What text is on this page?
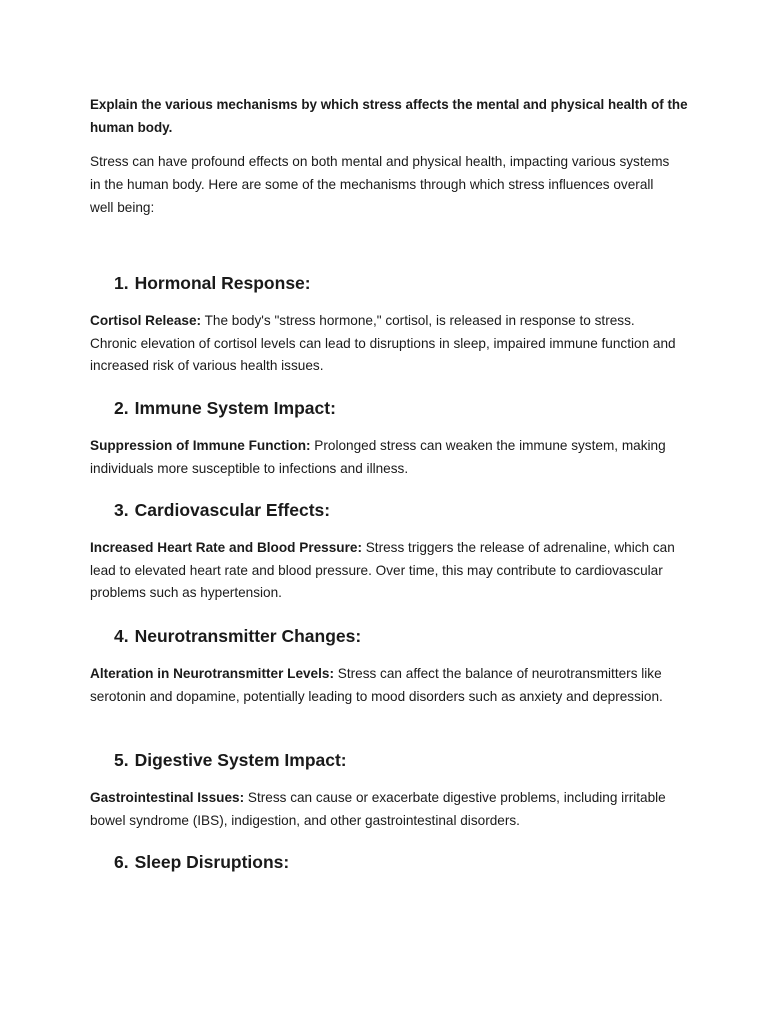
Explain the various mechanisms by which stress affects the mental and physical health of the human body.
Stress can have profound effects on both mental and physical health, impacting various systems in the human body. Here are some of the mechanisms through which stress influences overall well being:
1. Hormonal Response:
Cortisol Release: The body's "stress hormone," cortisol, is released in response to stress. Chronic elevation of cortisol levels can lead to disruptions in sleep, impaired immune function and increased risk of various health issues.
2. Immune System Impact:
Suppression of Immune Function: Prolonged stress can weaken the immune system, making individuals more susceptible to infections and illness.
3. Cardiovascular Effects:
Increased Heart Rate and Blood Pressure: Stress triggers the release of adrenaline, which can lead to elevated heart rate and blood pressure. Over time, this may contribute to cardiovascular problems such as hypertension.
4. Neurotransmitter Changes:
Alteration in Neurotransmitter Levels: Stress can affect the balance of neurotransmitters like serotonin and dopamine, potentially leading to mood disorders such as anxiety and depression.
5. Digestive System Impact:
Gastrointestinal Issues: Stress can cause or exacerbate digestive problems, including irritable bowel syndrome (IBS), indigestion, and other gastrointestinal disorders.
6. Sleep Disruptions:
